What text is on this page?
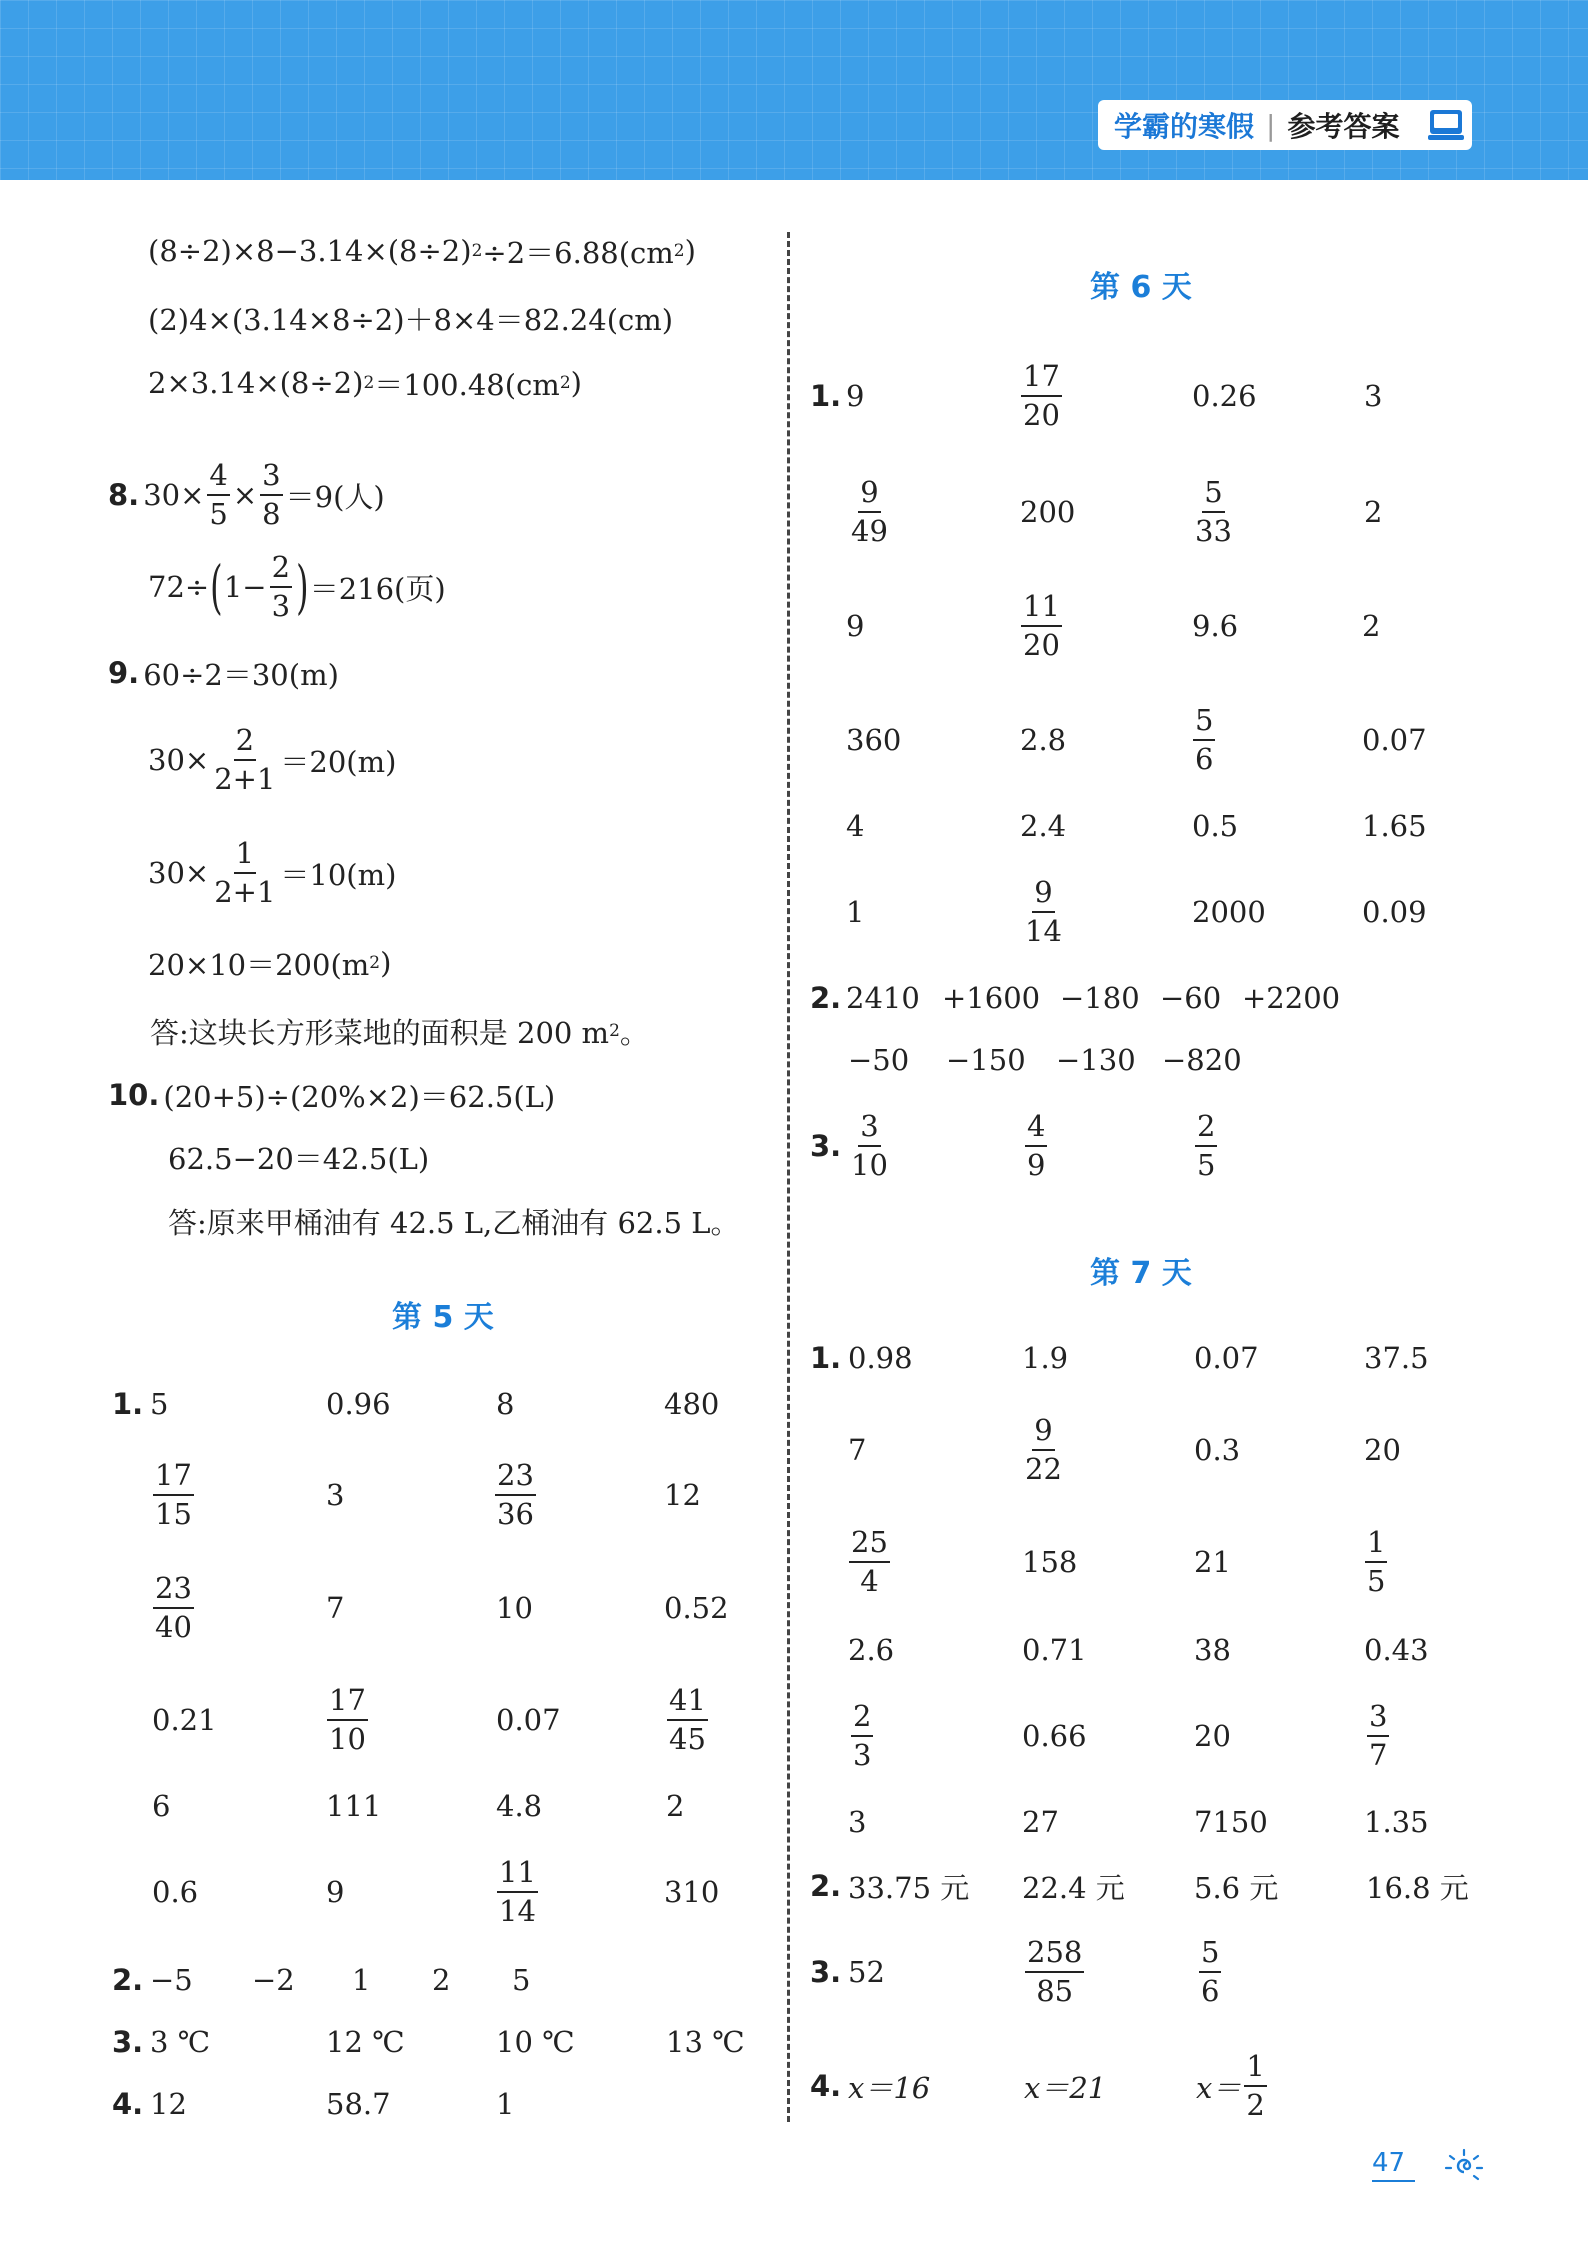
学霸的寒假 | 参考答案
(8÷2)×8−3.14×(8÷2) 2 ÷2＝6.88(cm 2 )
(2)4×(3.14×8÷2)＋8×4＝82.24(cm)
2×3.14×(8÷2) 2 ＝100.48(cm 2 )
8. $30\times \frac{4}{5} \times \frac{3}{8} =9$(人)
72÷ ( $1- \frac{2}{3}$ ) ＝216(页)
9. 60÷2＝30(m)
$30\times \frac{2}{2+1} =20(m)$
$30\times \frac{1}{2+1} =10(m)$
20×10＝200(m 2 )
答:这块长方形菜地的面积是 200 m 2 。
10. (20+5)÷(20%×2)＝62.5(L)
62.5−20＝42.5(L)
答:原来甲桶油有 42.5 L,乙桶油有 62.5 L。
第 5 天
1. 5	0.96	8	480
$\frac{17}{15}$	3	$\frac{23}{36}$	12
$\frac{23}{40}$	7	10	0.52
0.21	$\frac{17}{10}$	0.07	$\frac{41}{45}$
6	111	4.8	2
0.6	9	$\frac{11}{14}$	310
2. −5 −2 1 2 5
3. 3 ℃	12 ℃	10 ℃	13 ℃
4. 12	58.7	1
第 6 天
1. 9	$\frac{17}{20}$	0.26	3
$\frac{9}{49}$	200	$\frac{5}{33}$	2
9	$\frac{11}{20}$	9.6	2
360	2.8	$\frac{5}{6}$	0.07
4	2.4	0.5	1.65
1	$\frac{9}{14}$	2000	0.09
2. 2410 +1600 −180 −60 +2200
−50 −150 −130 −820
3. $\frac{3}{10}$	$\frac{4}{9}$	$\frac{2}{5}$
第 7 天
1. 0.98	1.9	0.07	37.5
7	$\frac{9}{22}$	0.3	20
$\frac{25}{4}$	158	21	$\frac{1}{5}$
2.6	0.71	38	0.43
$\frac{2}{3}$	0.66	20	$\frac{3}{7}$
3	27	7150	1.35
2. 33.75 元 22.4 元 5.6 元	16.8 元
3. 52	$\frac{258}{85}$	$\frac{5}{6}$
4. x＝16	x＝21	$x= \frac{1}{2}$
47
